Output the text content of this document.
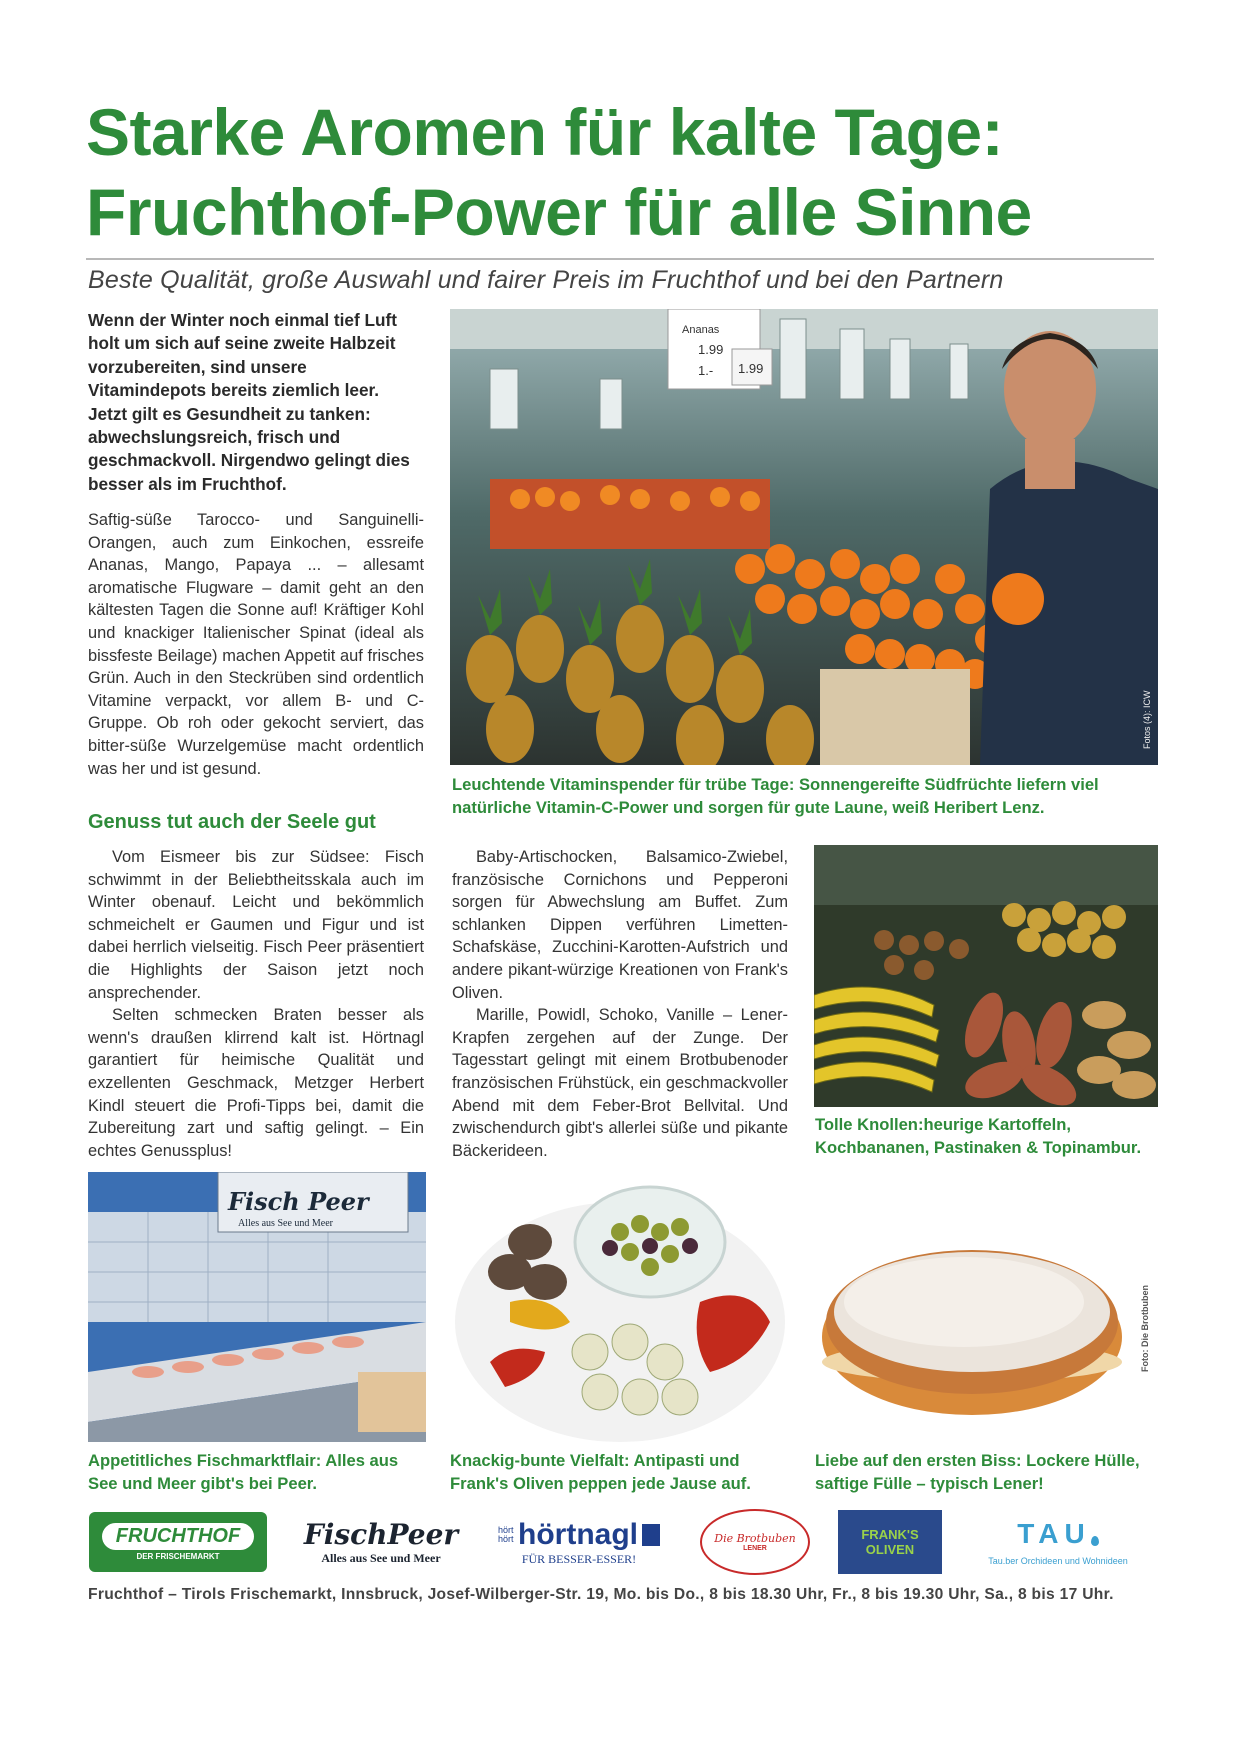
Starke Aromen für kalte Tage:
Fruchthof-Power für alle Sinne
Beste Qualität, große Auswahl und fairer Preis im Fruchthof und bei den Partnern
Wenn der Winter noch einmal tief Luft holt um sich auf seine zweite Halbzeit vorzubereiten, sind unsere Vitamindepots bereits ziemlich leer. Jetzt gilt es Gesundheit zu tanken: abwechslungsreich, frisch und geschmackvoll. Nirgendwo gelingt dies besser als im Fruchthof.
Saftig-süße Tarocco- und Sanguinelli-Orangen, auch zum Einkochen, essreife Ananas, Mango, Papaya ... – allesamt aromatische Flugware – damit geht an den kältesten Tagen die Sonne auf! Kräftiger Kohl und knackiger Italienischer Spinat (ideal als bissfeste Beilage) machen Appetit auf frisches Grün. Auch in den Steckrüben sind ordentlich Vitamine verpackt, vor allem B- und C-Gruppe. Ob roh oder gekocht serviert, das bitter-süße Wurzelgemüse macht ordentlich was her und ist gesund.
Genuss tut auch der Seele gut

Vom Eismeer bis zur Südsee: Fisch schwimmt in der Beliebtheitsskala auch im Winter obenauf. Leicht und bekömmlich schmeichelt er Gaumen und Figur und ist dabei herrlich vielseitig. Fisch Peer präsentiert die Highlights der Saison jetzt noch ansprechender.

Selten schmecken Braten besser als wenn's draußen klirrend kalt ist. Hörtnagl garantiert für heimische Qualität und exzellenten Geschmack, Metzger Herbert Kindl steuert die Profi-Tipps bei, damit die Zubereitung zart und saftig gelingt. – Ein echtes Genussplus!

Baby-Artischocken, Balsamico-Zwiebel, französische Cornichons und Pepperoni sorgen für Abwechslung am Buffet. Zum schlanken Dippen verführen Limetten-Schafskäse, Zucchini-Karotten-Aufstrich und andere pikant-würzige Kreationen von Frank's Oliven.

Marille, Powidl, Schoko, Vanille – Lener-Krapfen zergehen auf der Zunge. Der Tagesstart gelingt mit einem Brotbubenoder französischen Frühstück, ein geschmackvoller Abend mit dem Feber-Brot Bellvital. Und zwischendurch gibt's allerlei süße und pikante Bäckerideen.

Ananas
1.99
1.- 1.99
Fotos (4): ICW
Leuchtende Vitaminspender für trübe Tage: Sonnengereifte Südfrüchte liefern viel natürliche Vitamin-C-Power und sorgen für gute Laune, weiß Heribert Lenz.
Tolle Knollen:heurige Kartoffeln, Kochbananen, Pastinaken & Topinambur.
Fisch Peer
Alles aus See und Meer
Appetitliches Fischmarktflair: Alles aus See und Meer gibt's bei Peer.
Knackig-bunte Vielfalt: Antipasti und Frank's Oliven peppen jede Jause auf.
Foto: Die Brotbuben
Liebe auf den ersten Biss: Lockere Hülle, saftige Fülle – typisch Lener!
FRUCHTHOF
DER FRISCHEMARKT
FischPeer
Alles aus See und Meer
hört hört hörtnagl
FÜR BESSER-ESSER!
Die Brotbuben
LENER
FRANK'S OLIVEN
TAU
Tau.ber Orchideen und Wohnideen
Fruchthof – Tirols Frischemarkt, Innsbruck, Josef-Wilberger-Str. 19, Mo. bis Do., 8 bis 18.30 Uhr, Fr., 8 bis 19.30 Uhr, Sa., 8 bis 17 Uhr.
